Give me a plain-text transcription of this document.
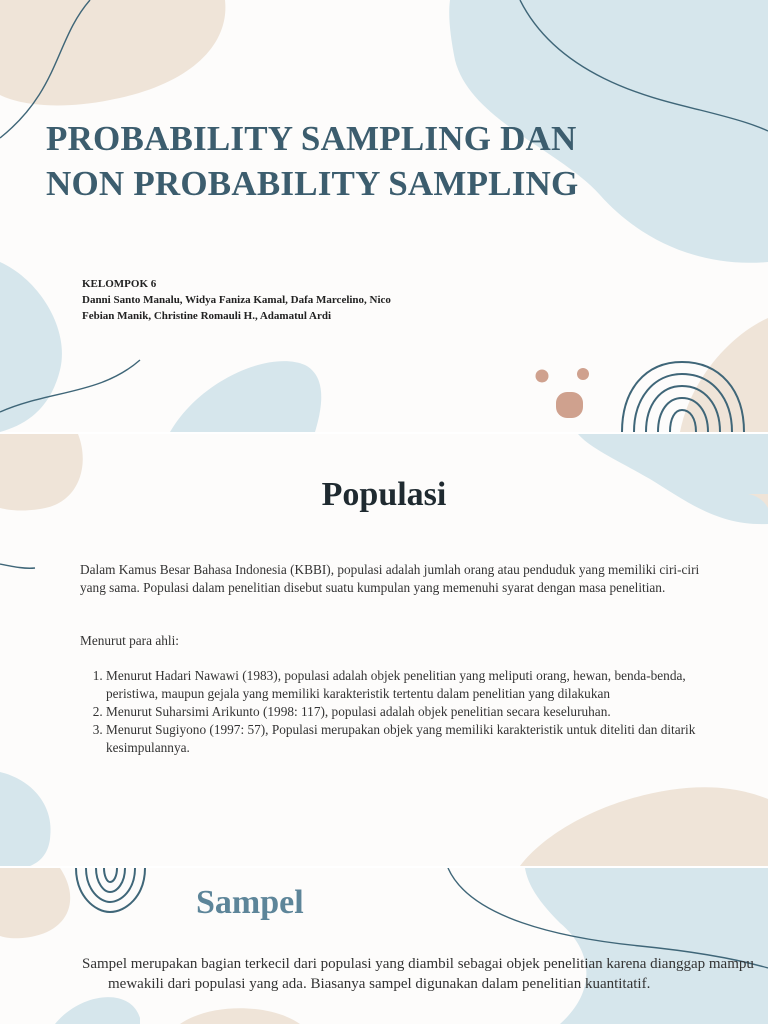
PROBABILITY SAMPLING DAN
NON PROBABILITY SAMPLING

KELOMPOK 6

Danni Santo Manalu, Widya Faniza Kamal, Dafa Marcelino, Nico

Febian Manik, Christine Romauli H., Adamatul Ardi

Populasi
Dalam Kamus Besar Bahasa Indonesia (KBBI), populasi adalah jumlah orang atau penduduk yang memiliki ciri-ciri yang sama. Populasi dalam penelitian disebut suatu kumpulan yang memenuhi syarat dengan masa penelitian.
Menurut para ahli:
1. Menurut Hadari Nawawi (1983), populasi adalah objek penelitian yang meliputi orang, hewan, benda-benda, peristiwa, maupun gejala yang memiliki karakteristik tertentu dalam penelitian yang dilakukan
2. Menurut Suharsimi Arikunto (1998: 117), populasi adalah objek penelitian secara keseluruhan.
3. Menurut Sugiyono (1997: 57), Populasi merupakan objek yang memiliki karakteristik untuk diteliti dan ditarik kesimpulannya.
Sampel

Sampel merupakan bagian terkecil dari populasi yang diambil sebagai objek penelitian karena dianggap mampu mewakili dari populasi yang ada. Biasanya sampel digunakan dalam penelitian kuantitatif.
